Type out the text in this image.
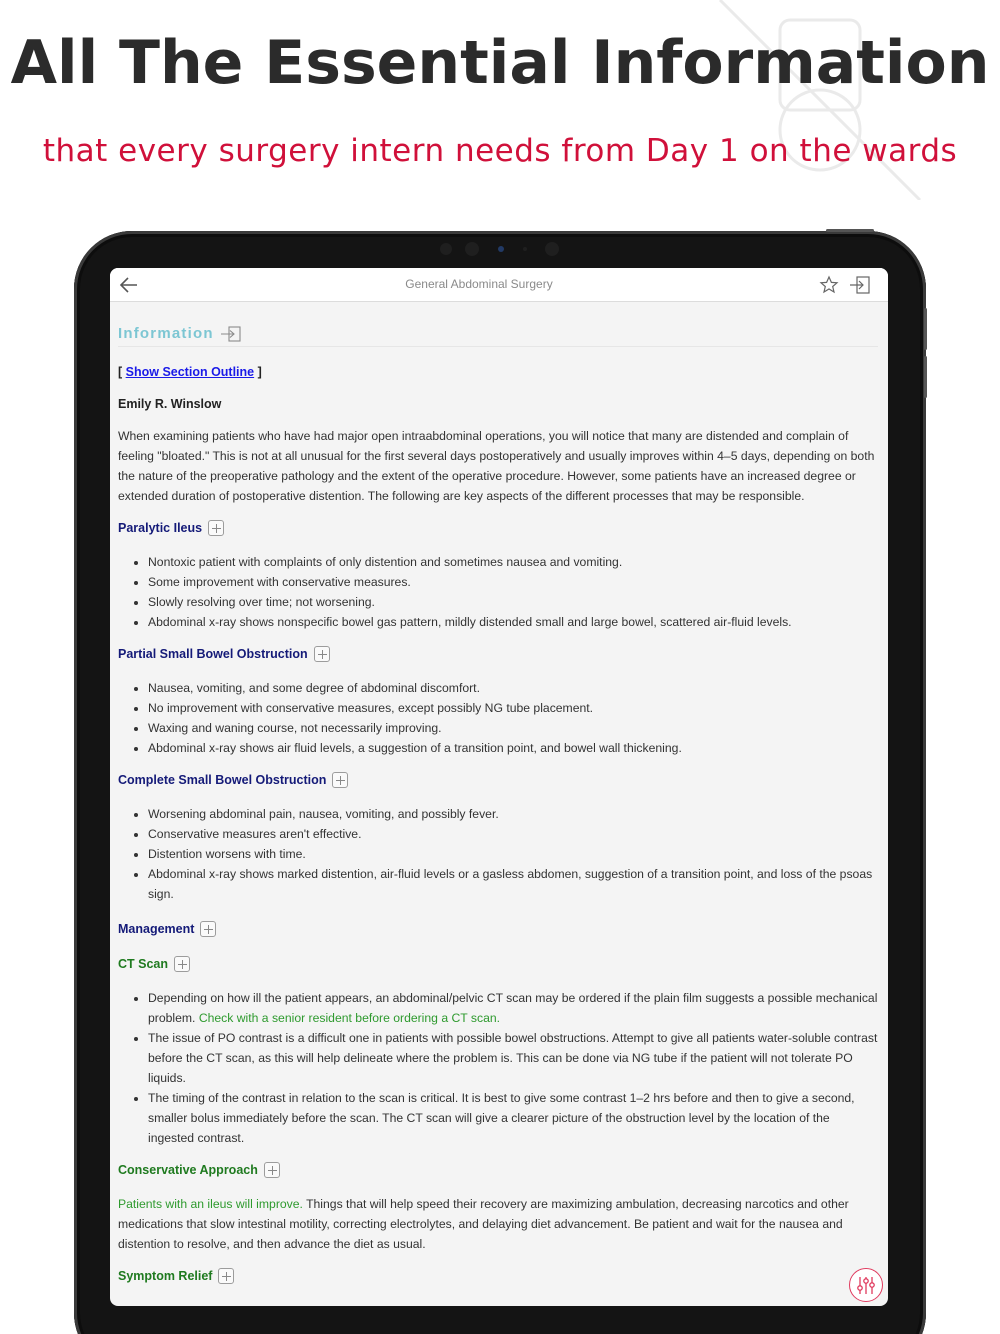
All The Essential Information
that every surgery intern needs from Day 1 on the wards
General Abdominal Surgery
Information
[ Show Section Outline ]
Emily R. Winslow

When examining patients who have had major open intraabdominal operations, you will notice that many are distended and complain of feeling "bloated." This is not at all unusual for the first several days postoperatively and usually improves within 4–5 days, depending on both the nature of the preoperative pathology and the extent of the operative procedure. However, some patients have an increased degree or extended duration of postoperative distention. The following are key aspects of the different processes that may be responsible.

Paralytic Ileus
• Nontoxic patient with complaints of only distention and sometimes nausea and vomiting.
• Some improvement with conservative measures.
• Slowly resolving over time; not worsening.
• Abdominal x-ray shows nonspecific bowel gas pattern, mildly distended small and large bowel, scattered air-fluid levels.
Partial Small Bowel Obstruction
• Nausea, vomiting, and some degree of abdominal discomfort.
• No improvement with conservative measures, except possibly NG tube placement.
• Waxing and waning course, not necessarily improving.
• Abdominal x-ray shows air fluid levels, a suggestion of a transition point, and bowel wall thickening.
Complete Small Bowel Obstruction
• Worsening abdominal pain, nausea, vomiting, and possibly fever.
• Conservative measures aren't effective.
• Distention worsens with time.
• Abdominal x-ray shows marked distention, air-fluid levels or a gasless abdomen, suggestion of a transition point, and loss of the psoas sign.
Management
CT Scan
• Depending on how ill the patient appears, an abdominal/pelvic CT scan may be ordered if the plain film suggests a possible mechanical problem. Check with a senior resident before ordering a CT scan.
• The issue of PO contrast is a difficult one in patients with possible bowel obstructions. Attempt to give all patients water-soluble contrast before the CT scan, as this will help delineate where the problem is. This can be done via NG tube if the patient will not tolerate PO liquids.
• The timing of the contrast in relation to the scan is critical. It is best to give some contrast 1–2 hrs before and then to give a second, smaller bolus immediately before the scan. The CT scan will give a clearer picture of the obstruction level by the location of the ingested contrast.
Conservative Approach

Patients with an ileus will improve. Things that will help speed their recovery are maximizing ambulation, decreasing narcotics and other medications that slow intestinal motility, correcting electrolytes, and delaying diet advancement. Be patient and wait for the nausea and distention to resolve, and then advance the diet as usual.

Symptom Relief
